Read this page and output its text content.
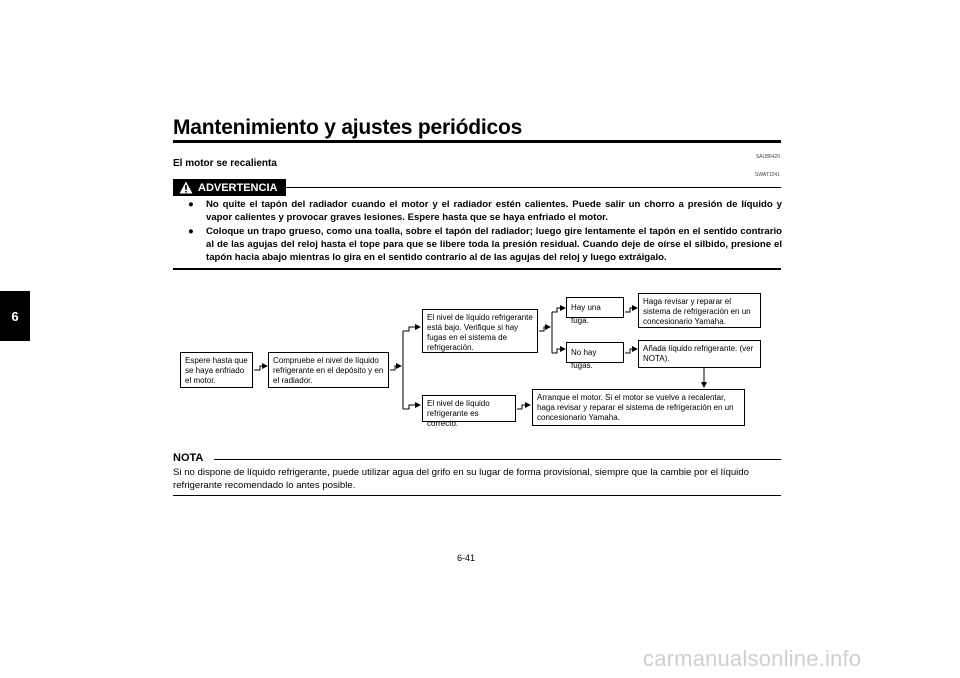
Mantenimiento y ajustes periódicos
6
SAU86420
El motor se recalienta
SWAT1041
ADVERTENCIA

● No quite el tapón del radiador cuando el motor y el radiador estén calientes. Puede salir un chorro a presión de líquido y vapor calientes y provocar graves lesiones. Espere hasta que se haya enfriado el motor.

● Coloque un trapo grueso, como una toalla, sobre el tapón del radiador; luego gire lentamente el tapón en el sentido contrario al de las agujas del reloj hasta el tope para que se libere toda la presión residual. Cuando deje de oírse el silbido, presione el tapón hacia abajo mientras lo gira en el sentido contrario al de las agujas del reloj y luego extráigalo.

Espere hasta que se haya enfriado el motor.
Compruebe el nivel de líquido refrigerante en el depósito y en el radiador.
El nivel de líquido refrigerante está bajo. Verifique si hay fugas en el sistema de refrigeración.
El nivel de líquido refrigerante es correcto.
Hay una fuga.
No hay fugas.
Haga revisar y reparar el sistema de refrigeración en un concesionario Yamaha.
Añada líquido refrigerante. (ver NOTA).
Arranque el motor. Si el motor se vuelve a recalentar, haga revisar y reparar el sistema de refrigeración en un concesionario Yamaha.
NOTA
Si no dispone de líquido refrigerante, puede utilizar agua del grifo en su lugar de forma provisional, siempre que la cambie por el líquido refrigerante recomendado lo antes posible.
6-41
carmanualsonline.info
